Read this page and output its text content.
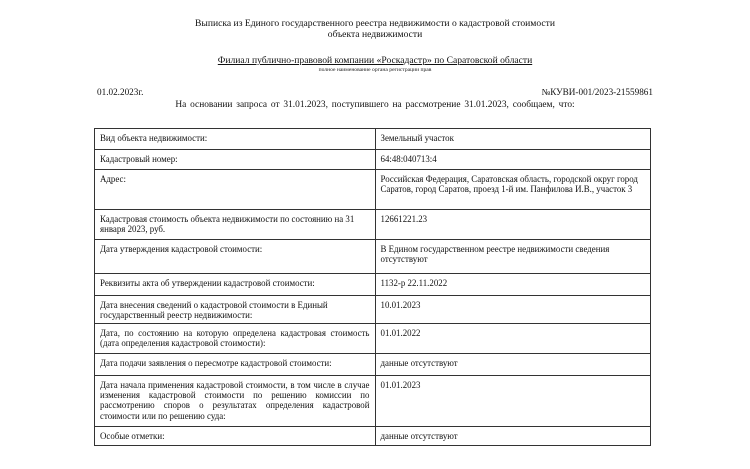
Выписка из Единого государственного реестра недвижимости о кадастровой стоимости
объекта недвижимости
Филиал публично-правовой компании «Роскадастр» по Саратовской области
полное наименование органа регистрации прав
01.02.2023г.	№КУВИ-001/2023-21559861
На основании запроса от 31.01.2023, поступившего на рассмотрение 31.01.2023, сообщаем, что:
Вид объекта недвижимости:	Земельный участок
Кадастровый номер:	64:48:040713:4
Адрес:	Российская Федерация, Саратовская область, городской округ город Саратов, город Саратов, проезд 1-й им. Панфилова И.В., участок 3
Кадастровая стоимость объекта недвижимости по состоянию на 31 января 2023, руб.	12661221.23
Дата утверждения кадастровой стоимости:	В Едином государственном реестре недвижимости сведения отсутствуют
Реквизиты акта об утверждении кадастровой стоимости:	1132-р 22.11.2022
Дата внесения сведений о кадастровой стоимости в Единый государственный реестр недвижимости:	10.01.2023
Дата, по состоянию на которую определена кадастровая стоимость (дата определения кадастровой стоимости):	01.01.2022
Дата подачи заявления о пересмотре кадастровой стоимости:	данные отсутствуют
Дата начала применения кадастровой стоимости, в том числе в случае изменения кадастровой стоимости по решению комиссии по рассмотрению споров о результатах определения кадастровой стоимости или по решению суда:	01.01.2023
Особые отметки:	данные отсутствуют
